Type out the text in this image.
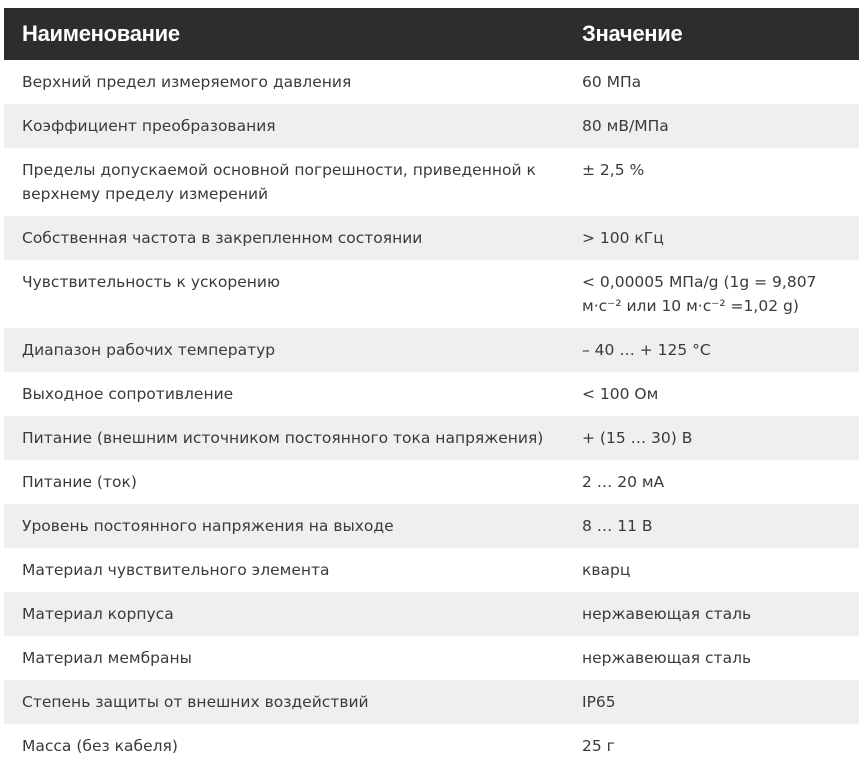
Наименование	Значение
Верхний предел измеряемого давления	60 МПа
Коэффициент преобразования	80 мВ/МПа
Пределы допускаемой основной погрешности, приведенной к верхнему пределу измерений	± 2,5 %
Собственная частота в закрепленном состоянии	> 100 кГц
Чувствительность к ускорению	< 0,00005 МПа/g (1g = 9,807 м·с⁻² или 10 м·с⁻² =1,02 g)
Диапазон рабочих температур	– 40 … + 125 °C
Выходное сопротивление	< 100 Ом
Питание (внешним источником постоянного тока напряжения)	+ (15 … 30) В
Питание (ток)	2 … 20 мА
Уровень постоянного напряжения на выходе	8 … 11 В
Материал чувствительного элемента	кварц
Материал корпуса	нержавеющая сталь
Материал мембраны	нержавеющая сталь
Степень защиты от внешних воздействий	IP65
Масса (без кабеля)	25 г
